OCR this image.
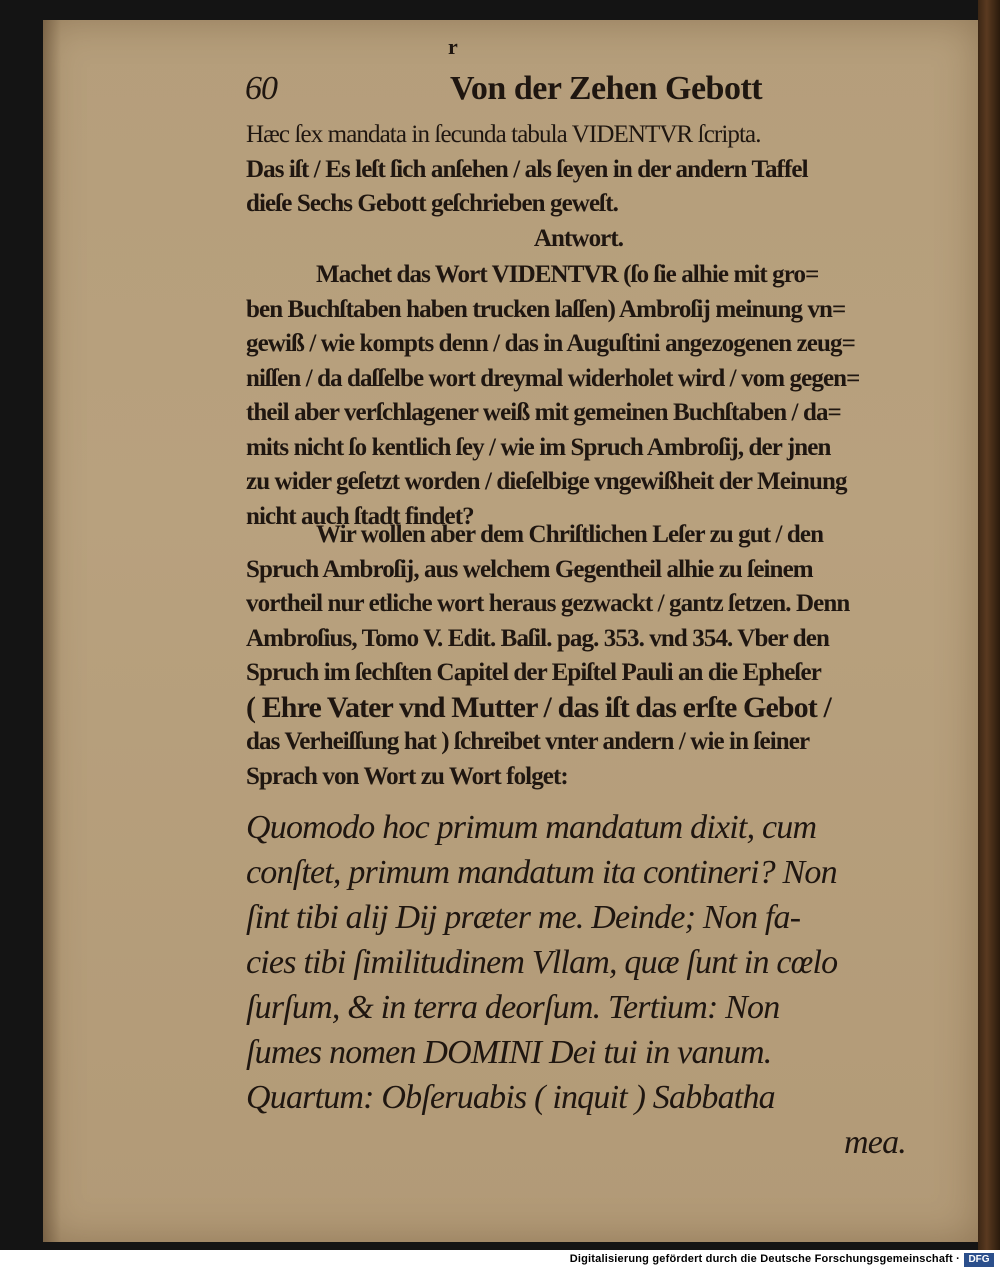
60	Von der Zehen Gebott
r
Hæc ſex mandata in ſecunda tabula VIDENTVR ſcripta.
Das iſt / Es leſt ſich anſehen / als ſeyen in der andern Taffel
dieſe Sechs Gebott geſchrieben geweſt.
Antwort.
Machet das Wort VIDENTVR (ſo ſie alhie mit gro=
ben Buchſtaben haben trucken laſſen) Ambroſij meinung vn=
gewiß / wie kompts denn / das in Auguſtini angezogenen zeug=
niſſen / da daſſelbe wort dreymal widerholet wird / vom gegen=
theil aber verſchlagener weiß mit gemeinen Buchſtaben / da=
mits nicht ſo kentlich ſey / wie im Spruch Ambroſij, der jnen
zu wider geſetzt worden / dieſelbige vngewißheit der Meinung
nicht auch ſtadt findet?
Wir wollen aber dem Chriſtlichen Leſer zu gut / den
Spruch Ambroſij, aus welchem Gegentheil alhie zu ſeinem
vortheil nur etliche wort heraus gezwackt / gantz ſetzen. Denn
Ambroſius, Tomo V. Edit. Baſil. pag. 353. vnd 354. Vber den
Spruch im ſechſten Capitel der Epiſtel Pauli an die Epheſer
( Ehre Vater vnd Mutter / das iſt das erſte Gebot /
das Verheiſſung hat ) ſchreibet vnter andern / wie in ſeiner
Sprach von Wort zu Wort folget:
Quomodo hoc primum mandatum dixit, cum
conſtet, primum mandatum ita contineri? Non
ſint tibi alij Dij præter me. Deinde; Non fa-
cies tibi ſimilitudinem Vllam, quæ ſunt in cœlo
ſurſum, & in terra deorſum. Tertium: Non
ſumes nomen DOMINI Dei tui in vanum.
Quartum: Obſeruabis ( inquit ) Sabbatha
mea.
Digitalisierung gefördert durch die Deutsche Forschungsgemeinschaft · DFG
